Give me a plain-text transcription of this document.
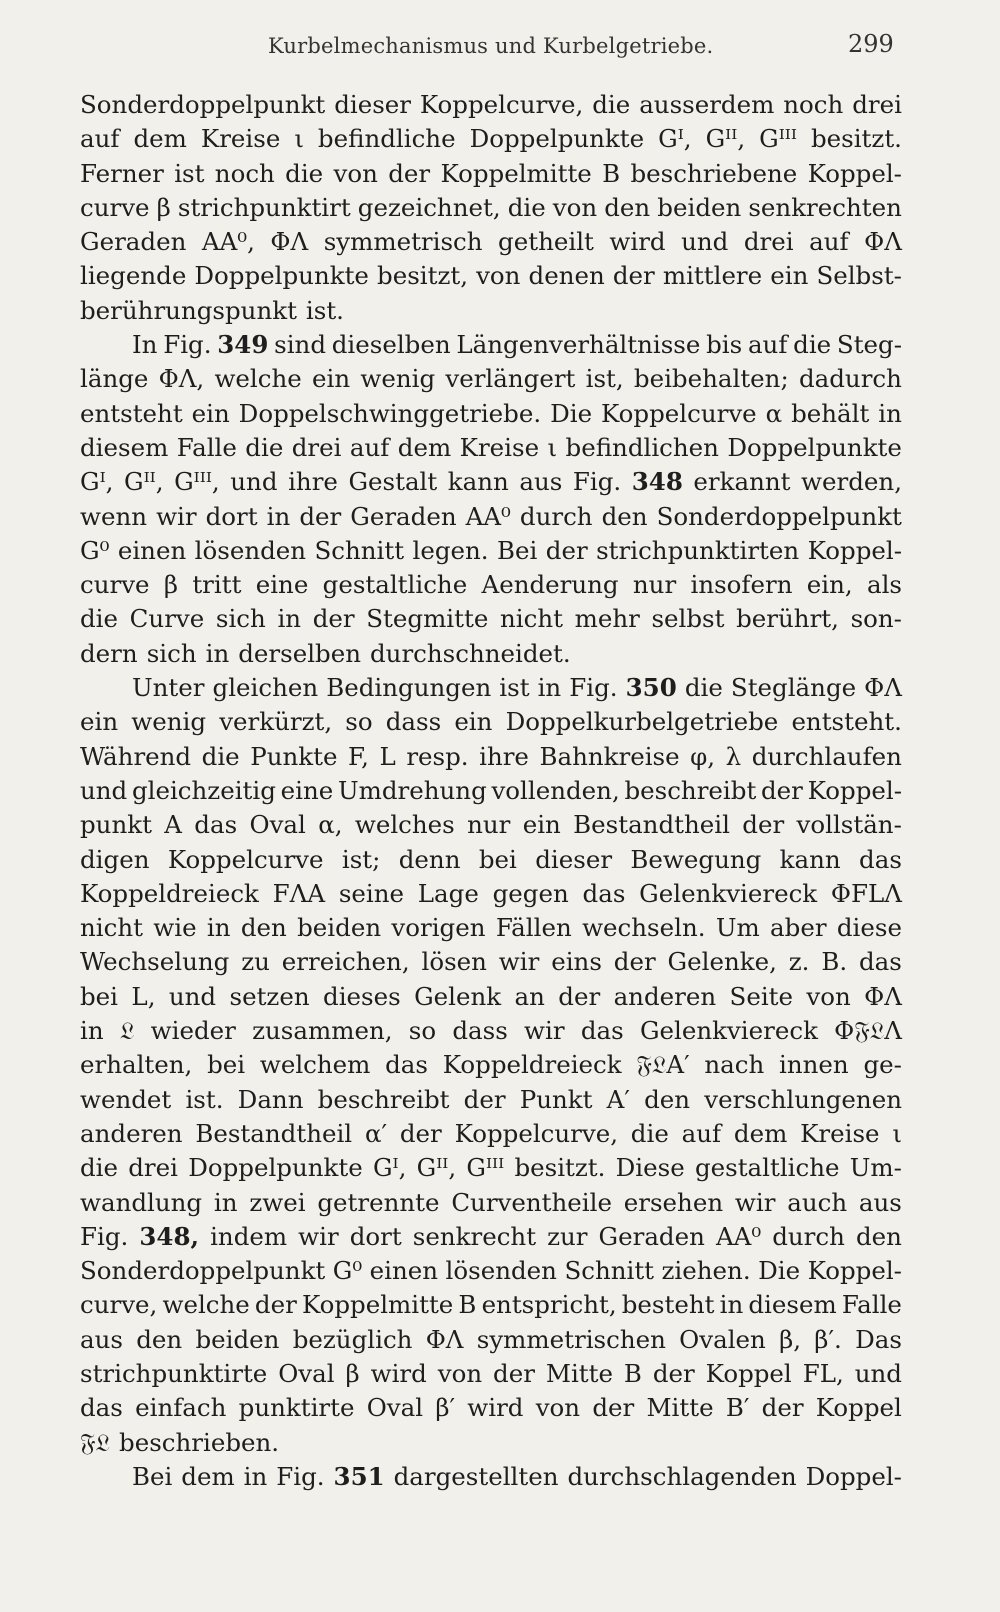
Kurbelmechanismus und Kurbelgetriebe.	299
Sonderdoppelpunkt dieser Koppelcurve, die ausserdem noch drei
auf dem Kreise ι befindliche Doppelpunkte Gᴵ, Gᴵᴵ, Gᴵᴵᴵ besitzt.
Ferner ist noch die von der Koppelmitte B beschriebene Koppel-
curve β strichpunktirt gezeichnet, die von den beiden senkrechten
Geraden AA⁰, ΦΛ symmetrisch getheilt wird und drei auf ΦΛ
liegende Doppelpunkte besitzt, von denen der mittlere ein Selbst-
berührungspunkt ist.
In Fig. 349 sind dieselben Längenverhältnisse bis auf die Steg-
länge ΦΛ, welche ein wenig verlängert ist, beibehalten; dadurch
entsteht ein Doppelschwinggetriebe. Die Koppelcurve α behält in
diesem Falle die drei auf dem Kreise ι befindlichen Doppelpunkte
Gᴵ, Gᴵᴵ, Gᴵᴵᴵ, und ihre Gestalt kann aus Fig. 348 erkannt werden,
wenn wir dort in der Geraden AA⁰ durch den Sonderdoppelpunkt
G⁰ einen lösenden Schnitt legen. Bei der strichpunktirten Koppel-
curve β tritt eine gestaltliche Aenderung nur insofern ein, als
die Curve sich in der Stegmitte nicht mehr selbst berührt, son-
dern sich in derselben durchschneidet.
Unter gleichen Bedingungen ist in Fig. 350 die Steglänge ΦΛ
ein wenig verkürzt, so dass ein Doppelkurbelgetriebe entsteht.
Während die Punkte F, L resp. ihre Bahnkreise φ, λ durchlaufen
und gleichzeitig eine Umdrehung vollenden, beschreibt der Koppel-
punkt A das Oval α, welches nur ein Bestandtheil der vollstän-
digen Koppelcurve ist; denn bei dieser Bewegung kann das
Koppeldreieck FΛA seine Lage gegen das Gelenkviereck ΦFLΛ
nicht wie in den beiden vorigen Fällen wechseln. Um aber diese
Wechselung zu erreichen, lösen wir eins der Gelenke, z. B. das
bei L, und setzen dieses Gelenk an der anderen Seite von ΦΛ
in 𝔏 wieder zusammen, so dass wir das Gelenkviereck Φ𝔉𝔏Λ
erhalten, bei welchem das Koppeldreieck 𝔉𝔏A′ nach innen ge-
wendet ist. Dann beschreibt der Punkt A′ den verschlungenen
anderen Bestandtheil α′ der Koppelcurve, die auf dem Kreise ι
die drei Doppelpunkte Gᴵ, Gᴵᴵ, Gᴵᴵᴵ besitzt. Diese gestaltliche Um-
wandlung in zwei getrennte Curventheile ersehen wir auch aus
Fig. 348, indem wir dort senkrecht zur Geraden AA⁰ durch den
Sonderdoppelpunkt G⁰ einen lösenden Schnitt ziehen. Die Koppel-
curve, welche der Koppelmitte B entspricht, besteht in diesem Falle
aus den beiden bezüglich ΦΛ symmetrischen Ovalen β, β′. Das
strichpunktirte Oval β wird von der Mitte B der Koppel FL, und
das einfach punktirte Oval β′ wird von der Mitte B′ der Koppel
𝔉𝔏 beschrieben.
Bei dem in Fig. 351 dargestellten durchschlagenden Doppel-
